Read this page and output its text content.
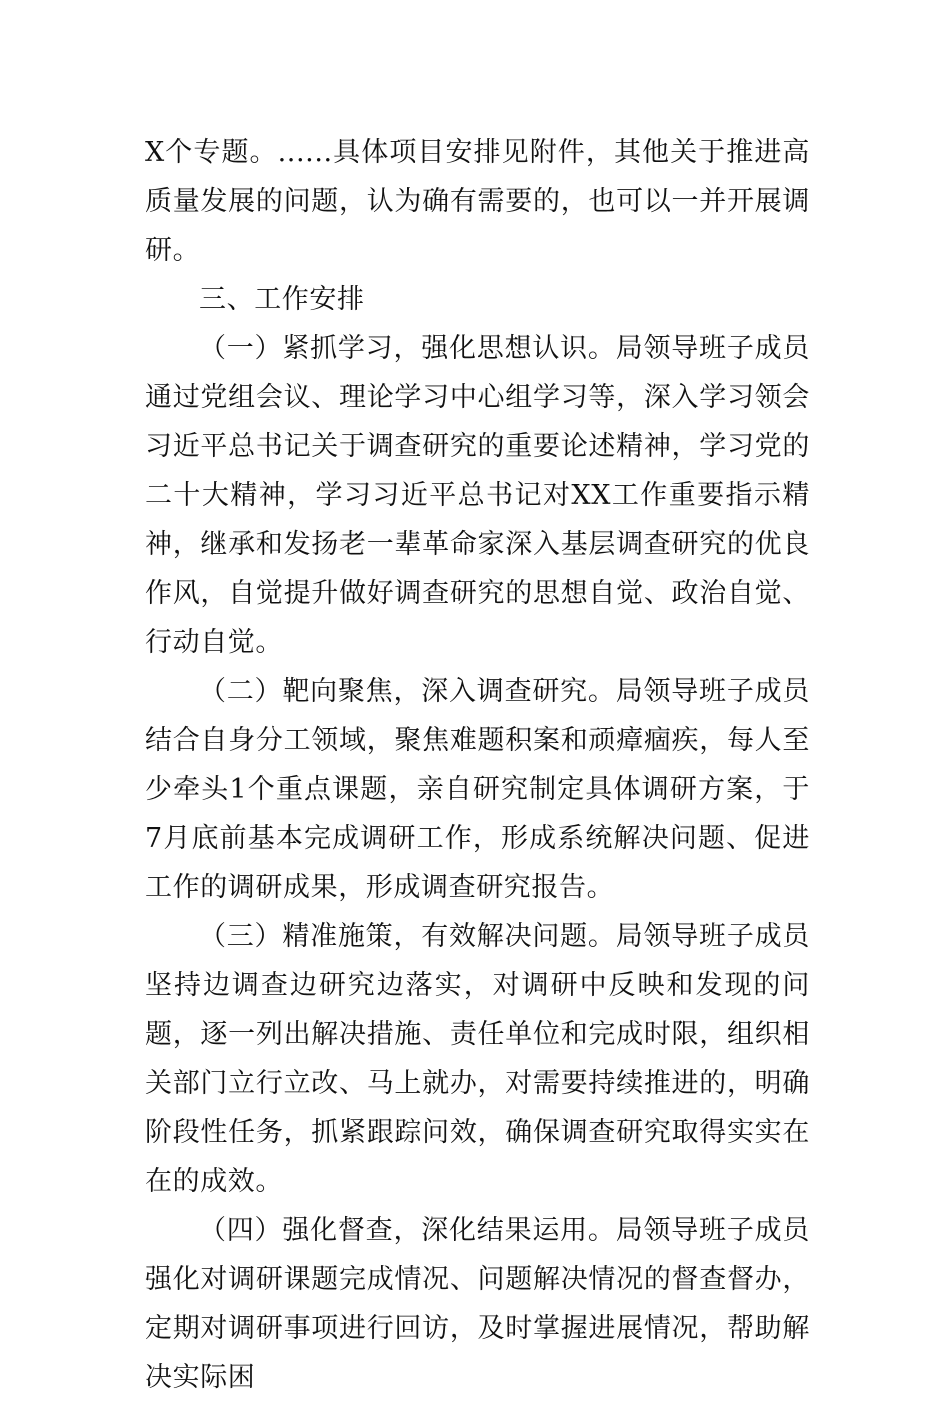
X个专题。......具体项目安排见附件，其他关于推进高质量发展的问题，认为确有需要的，也可以一并开展调研。

三、工作安排

（一）紧抓学习，强化思想认识。局领导班子成员通过党组会议、理论学习中心组学习等，深入学习领会习近平总书记关于调查研究的重要论述精神，学习党的二十大精神，学习习近平总书记对XX工作重要指示精神，继承和发扬老一辈革命家深入基层调查研究的优良作风，自觉提升做好调查研究的思想自觉、政治自觉、行动自觉。

（二）靶向聚焦，深入调查研究。局领导班子成员结合自身分工领域，聚焦难题积案和顽瘴痼疾，每人至少牵头1个重点课题，亲自研究制定具体调研方案，于7月底前基本完成调研工作，形成系统解决问题、促进工作的调研成果，形成调查研究报告。

（三）精准施策，有效解决问题。局领导班子成员坚持边调查边研究边落实，对调研中反映和发现的问题，逐一列出解决措施、责任单位和完成时限，组织相关部门立行立改、马上就办，对需要持续推进的，明确阶段性任务，抓紧跟踪问效，确保调查研究取得实实在在的成效。

（四）强化督查，深化结果运用。局领导班子成员强化对调研课题完成情况、问题解决情况的督查督办，定期对调研事项进行回访，及时掌握进展情况，帮助解决实际困
